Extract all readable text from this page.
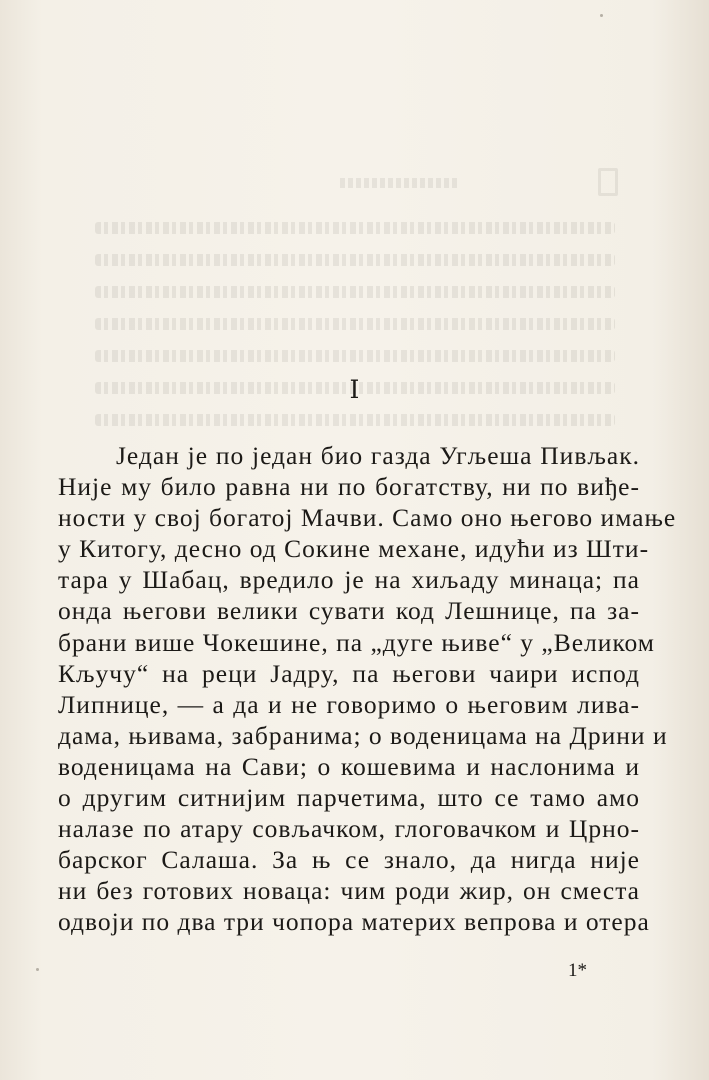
I
Један је по један био газда Угљеша Пивљак.
Није му било равна ни по богатству, ни по виђе-
ности у свој богатој Мачви. Само оно његово имање
у Китогу, десно од Сокине механе, идући из Шти-
тара у Шабац, вредило је на хиљаду минаца; па
онда његови велики сувати код Лешнице, па за-
брани више Чокешине, па „дуге њиве“ у „Великом
Кључу“ на реци Јадру, па његови чаири испод
Липнице, — а да и не говоримо о његовим лива-
дама, њивама, забранима; о воденицама на Дрини и
воденицама на Сави; о кошевима и наслонима и
о другим ситнијим парчетима, што се тамо амо
налазе по атару совљачком, глоговачком и Црно-
барског Салаша. За њ се знало, да нигда није
ни без готових новаца: чим роди жир, он сместа
одвоји по два три чопора материх вепрова и отера
1*
